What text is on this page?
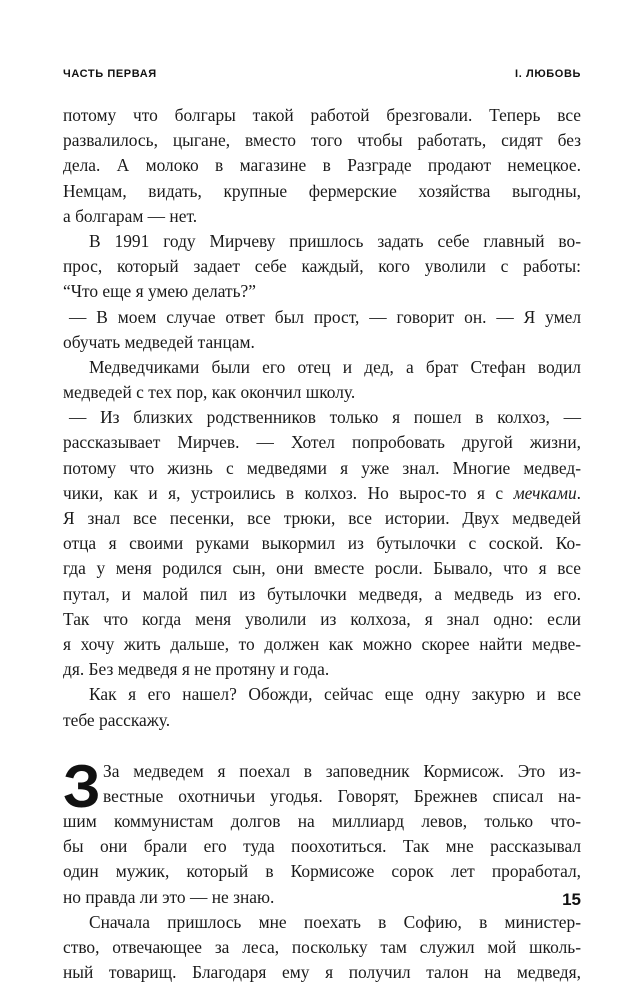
ЧАСТЬ ПЕРВАЯ	I. ЛЮБОВЬ
потому что болгары такой работой брезговали. Теперь все
развалилось, цыгане, вместо того чтобы работать, сидят без
дела. А молоко в магазине в Разграде продают немецкое.
Немцам, видать, крупные фермерские хозяйства выгодны,
а болгарам — нет.
В 1991 году Мирчеву пришлось задать себе главный во-
прос, который задает себе каждый, кого уволили с работы:
“Что еще я умею делать?”
— В моем случае ответ был прост, — говорит он. — Я умел
обучать медведей танцам.
Медведчиками были его отец и дед, а брат Стефан водил
медведей с тех пор, как окончил школу.
— Из близких родственников только я пошел в колхоз, —
рассказывает Мирчев. — Хотел попробовать другой жизни,
потому что жизнь с медведями я уже знал. Многие медвед-
чики, как и я, устроились в колхоз. Но вырос-то я с мечками.
Я знал все песенки, все трюки, все истории. Двух медведей
отца я своими руками выкормил из бутылочки с соской. Ко-
гда у меня родился сын, они вместе росли. Бывало, что я все
путал, и малой пил из бутылочки медведя, а медведь из его.
Так что когда меня уволили из колхоза, я знал одно: если
я хочу жить дальше, то должен как можно скорее найти медве-
дя. Без медведя я не протяну и года.
Как я его нашел? Обожди, сейчас еще одну закурю и все
тебе расскажу.
З За медведем я поехал в заповедник Кормисож. Это из-
вестные охотничьи угодья. Говорят, Брежнев списал на-
шим коммунистам долгов на миллиард левов, только что-
бы они брали его туда поохотиться. Так мне рассказывал
один мужик, который в Кормисоже сорок лет проработал,
но правда ли это — не знаю.
Сначала пришлось мне поехать в Софию, в министер-
ство, отвечающее за леса, поскольку там служил мой школь-
ный товарищ. Благодаря ему я получил талон на медведя,
15
